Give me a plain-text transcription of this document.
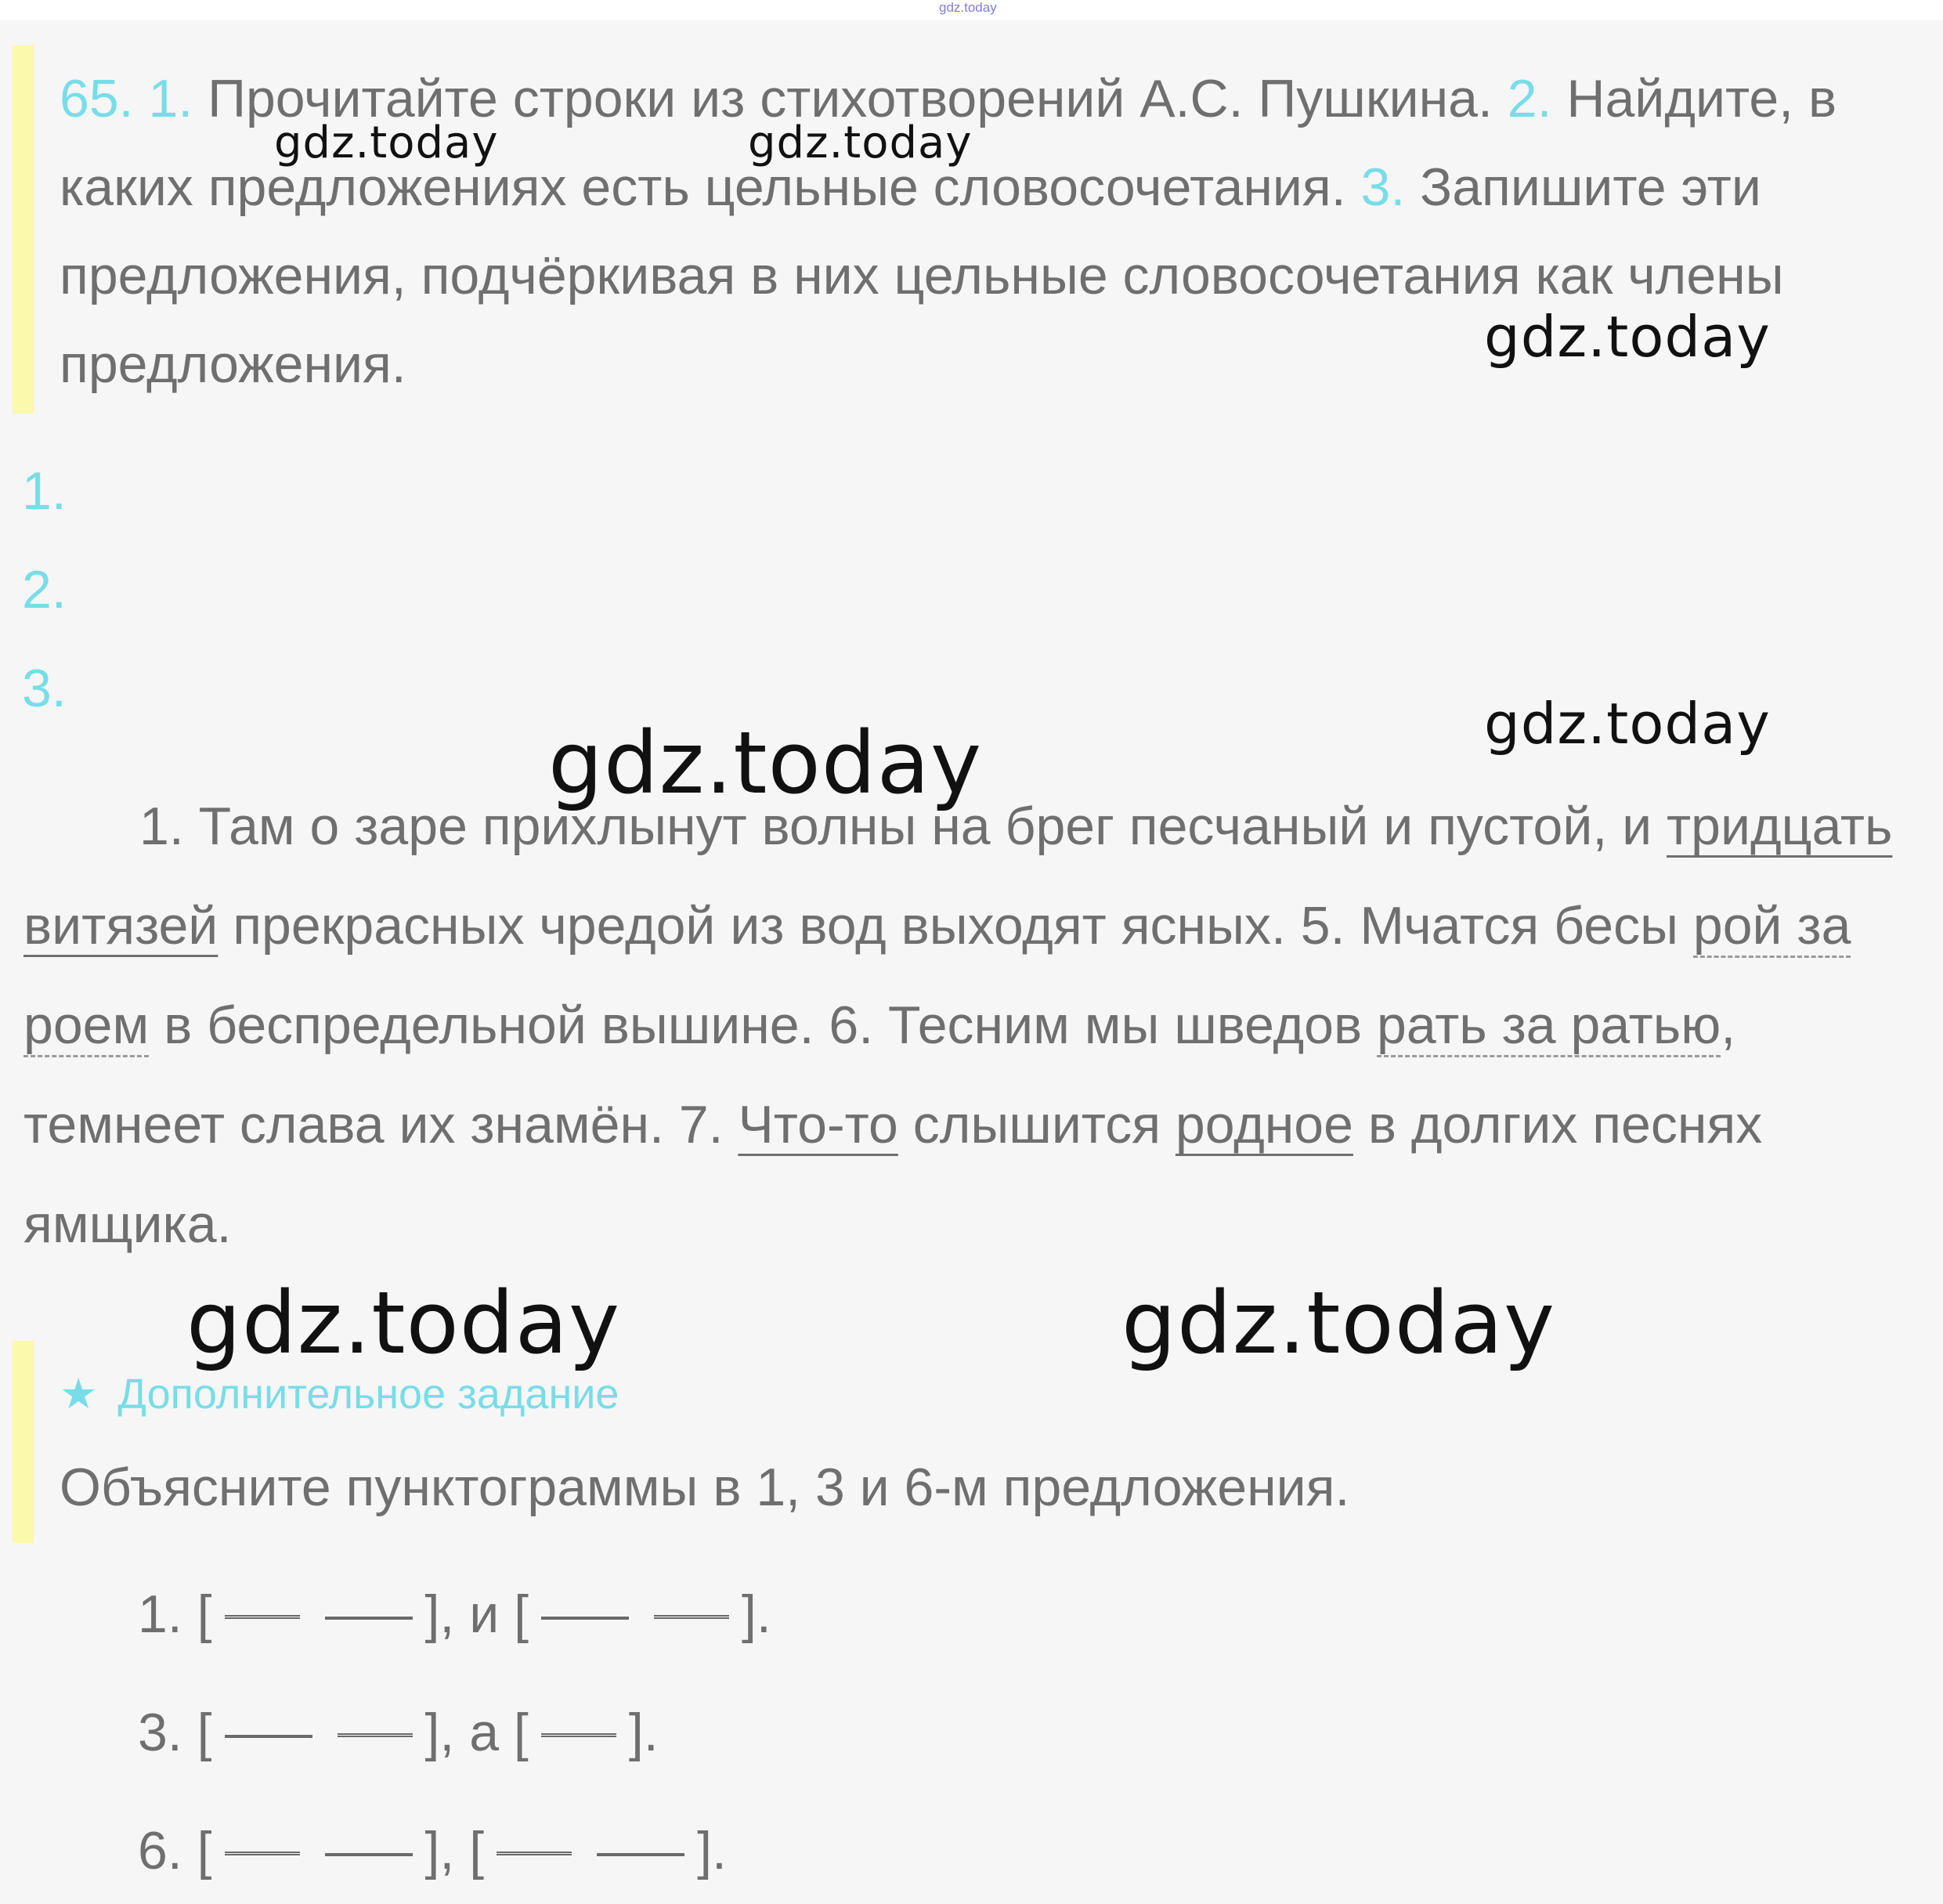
gdz.today

65. 1. Прочитайте строки из стихотворений А.С. Пушкина. 2. Найдите, в каких предложениях есть цельные словосочетания. 3. Запишите эти предложения, подчёркивая в них цельные словосочетания как члены предложения.

1.
2.
3.

1. Там о заре прихлынут волны на брег песчаный и пустой, и тридцать витязей прекрасных чредой из вод выходят ясных. 5. Мчатся бесы рой за роем в беспредельной вышине. 6. Тесним мы шведов рать за ратью, темнеет слава их знамён. 7. Что-то слышится родное в долгих песнях ямщика.

★ Дополнительное задание
Объясните пунктограммы в 1, 3 и 6-м предложения.
1. [	], и [	].
3. [	], а [ ].
6. [	], [	].
gdz.today	gdz.today
gdz.today
gdz.today
gdz.today
gdz.today	gdz.today
